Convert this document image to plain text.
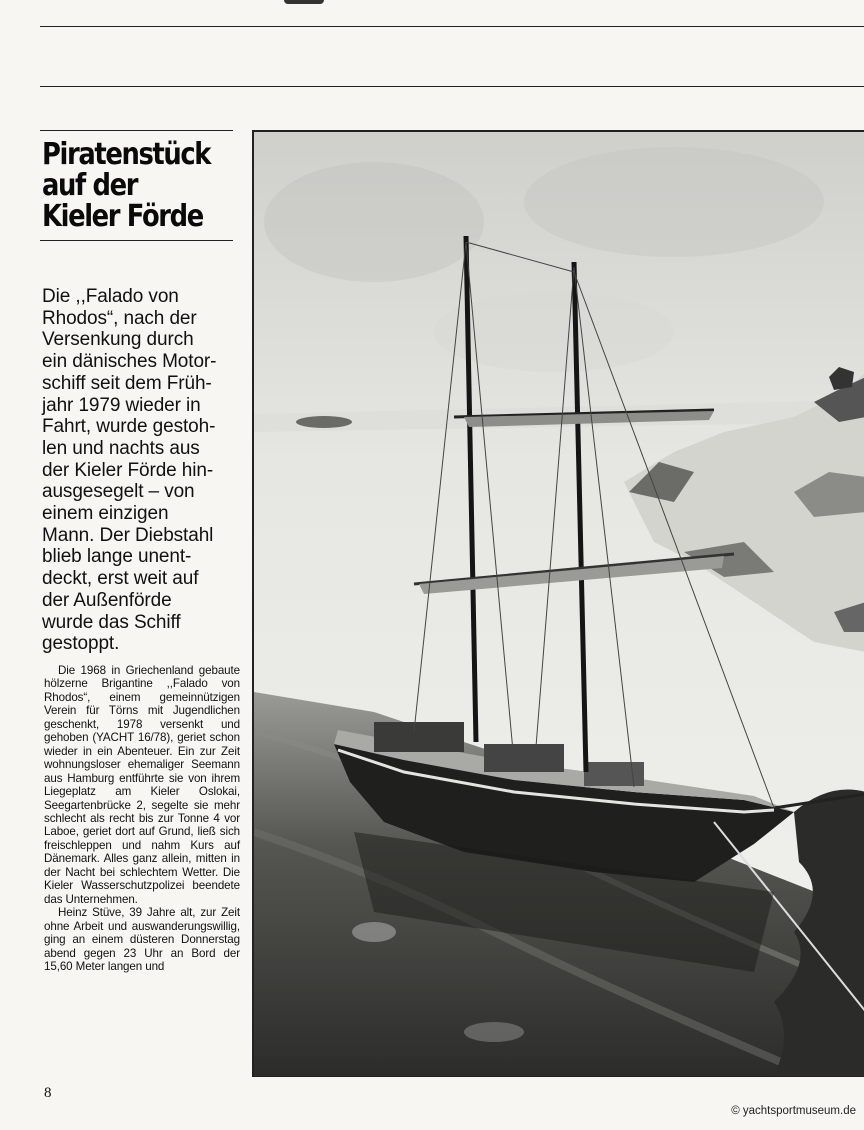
Piratenstück
auf der
Kieler Förde
Die ,,Falado von
Rhodos“, nach der
Versenkung durch
ein dänisches Motor-
schiff seit dem Früh-
jahr 1979 wieder in
Fahrt, wurde gestoh-
len und nachts aus
der Kieler Förde hin-
ausgesegelt – von
einem einzigen
Mann. Der Diebstahl
blieb lange unent-
deckt, erst weit auf
der Außenförde
wurde das Schiff
gestoppt.

Die 1968 in Griechenland gebaute hölzerne Brigantine ,,Falado von Rhodos“, einem gemeinnützigen Verein für Törns mit Jugendlichen geschenkt, 1978 versenkt und gehoben (YACHT 16/78), geriet schon wieder in ein Abenteuer. Ein zur Zeit wohnungsloser ehemaliger Seemann aus Hamburg entführte sie von ihrem Liegeplatz am Kieler Oslokai, Seegartenbrücke 2, segelte sie mehr schlecht als recht bis zur Tonne 4 vor Laboe, geriet dort auf Grund, ließ sich freischleppen und nahm Kurs auf Dänemark. Alles ganz allein, mitten in der Nacht bei schlechtem Wetter. Die Kieler Wasserschutzpolizei beendete das Unternehmen.

Heinz Stüve, 39 Jahre alt, zur Zeit ohne Arbeit und auswanderungswillig, ging an einem düsteren Donnerstag abend gegen 23 Uhr an Bord der 15,60 Meter langen und

8
© yachtsportmuseum.de
